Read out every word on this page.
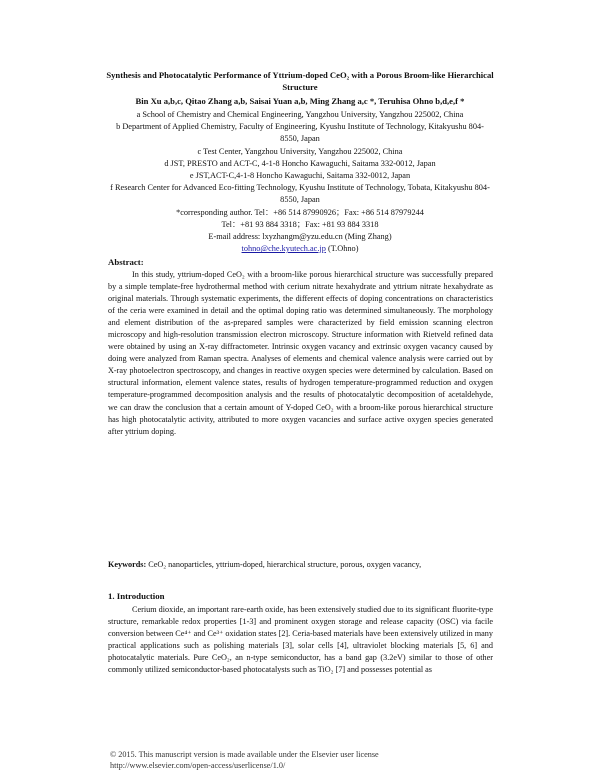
Synthesis and Photocatalytic Performance of Yttrium-doped CeO₂ with a Porous Broom-like Hierarchical Structure
Bin Xu a,b,c, Qitao Zhang a,b, Saisai Yuan a,b, Ming Zhang a,c *, Teruhisa Ohno b,d,e,f *
a School of Chemistry and Chemical Engineering, Yangzhou University, Yangzhou 225002, China
b Department of Applied Chemistry, Faculty of Engineering, Kyushu Institute of Technology, Kitakyushu 804-8550, Japan
c Test Center, Yangzhou University, Yangzhou 225002, China
d JST, PRESTO and ACT-C, 4-1-8 Honcho Kawaguchi, Saitama 332-0012, Japan
e JST,ACT-C,4-1-8 Honcho Kawaguchi, Saitama 332-0012, Japan
f Research Center for Advanced Eco-fitting Technology, Kyushu Institute of Technology, Tobata, Kitakyushu 804-8550, Japan
*corresponding author. Tel：+86 514 87990926；Fax: +86 514 87979244
Tel：+81 93 884 3318；Fax: +81 93 884 3318
E-mail address: lxyzhangm@yzu.edu.cn (Ming Zhang)
tohno@che.kyutech.ac.jp (T.Ohno)
Abstract:

In this study, yttrium-doped CeO₂ with a broom-like porous hierarchical structure was successfully prepared by a simple template-free hydrothermal method with cerium nitrate hexahydrate and yttrium nitrate hexahydrate as original materials. Through systematic experiments, the different effects of doping concentrations on characteristics of the ceria were examined in detail and the optimal doping ratio was determined simultaneously. The morphology and element distribution of the as-prepared samples were characterized by field emission scanning electron microscopy and high-resolution transmission electron microscopy. Structure information with Rietveld refined data were obtained by using an X-ray diffractometer. Intrinsic oxygen vacancy and extrinsic oxygen vacancy caused by doing were analyzed from Raman spectra. Analyses of elements and chemical valence analysis were carried out by X-ray photoelectron spectroscopy, and changes in reactive oxygen species were determined by calculation. Based on structural information, element valence states, results of hydrogen temperature-programmed reduction and oxygen temperature-programmed decomposition analysis and the results of photocatalytic decomposition of acetaldehyde, we can draw the conclusion that a certain amount of Y-doped CeO₂ with a broom-like porous hierarchical structure has high photocatalytic activity, attributed to more oxygen vacancies and surface active oxygen species generated after yttrium doping.

Keywords: CeO₂ nanoparticles, yttrium-doped, hierarchical structure, porous, oxygen vacancy,
1. Introduction

Cerium dioxide, an important rare-earth oxide, has been extensively studied due to its significant fluorite-type structure, remarkable redox properties [1-3] and prominent oxygen storage and release capacity (OSC) via facile conversion between Ce⁴⁺ and Ce³⁺ oxidation states [2]. Ceria-based materials have been extensively utilized in many practical applications such as polishing materials [3], solar cells [4], ultraviolet blocking materials [5, 6] and photocatalytic materials. Pure CeO₂, an n-type semiconductor, has a band gap (3.2eV) similar to those of other commonly utilized semiconductor-based photocatalysts such as TiO₂ [7] and possesses potential as

© 2015. This manuscript version is made available under the Elsevier user license
http://www.elsevier.com/open-access/userlicense/1.0/
